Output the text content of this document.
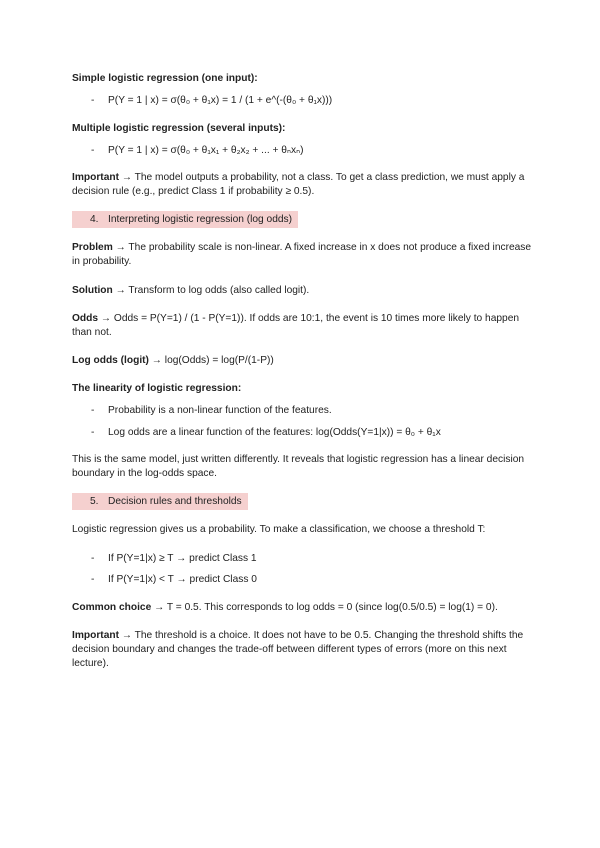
Simple logistic regression (one input):
- P(Y = 1 | x) = σ(θ₀ + θ₁x) = 1 / (1 + e^(-(θ₀ + θ₁x)))
Multiple logistic regression (several inputs):
- P(Y = 1 | x) = σ(θ₀ + θ₁x₁ + θ₂x₂ + ... + θₙxₙ)
Important → The model outputs a probability, not a class. To get a class prediction, we must apply a decision rule (e.g., predict Class 1 if probability ≥ 0.5).
4. Interpreting logistic regression (log odds)
Problem → The probability scale is non-linear. A fixed increase in x does not produce a fixed increase in probability.
Solution → Transform to log odds (also called logit).
Odds → Odds = P(Y=1) / (1 - P(Y=1)). If odds are 10:1, the event is 10 times more likely to happen than not.
Log odds (logit) → log(Odds) = log(P/(1-P))
The linearity of logistic regression:
- Probability is a non-linear function of the features.
- Log odds are a linear function of the features: log(Odds(Y=1|x)) = θ₀ + θ₁x
This is the same model, just written differently. It reveals that logistic regression has a linear decision boundary in the log-odds space.
5. Decision rules and thresholds
Logistic regression gives us a probability. To make a classification, we choose a threshold T:
- If P(Y=1|x) ≥ T → predict Class 1
- If P(Y=1|x) < T → predict Class 0
Common choice → T = 0.5. This corresponds to log odds = 0 (since log(0.5/0.5) = log(1) = 0).
Important → The threshold is a choice. It does not have to be 0.5. Changing the threshold shifts the decision boundary and changes the trade-off between different types of errors (more on this next lecture).
